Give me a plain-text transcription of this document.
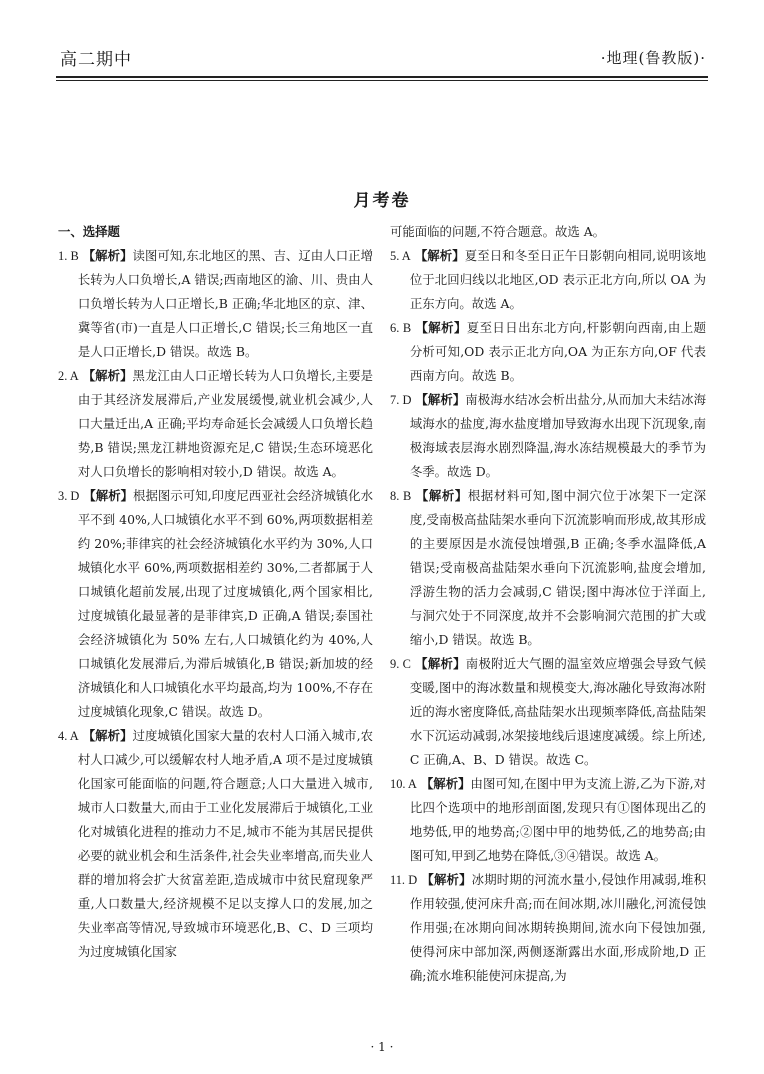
高二期中	·地理(鲁教版)·
月考卷
一、选择题
1. B 【解析】读图可知,东北地区的黑、吉、辽由人口正增长转为人口负增长,A 错误;西南地区的渝、川、贵由人口负增长转为人口正增长,B 正确;华北地区的京、津、冀等省(市)一直是人口正增长,C 错误;长三角地区一直是人口正增长,D 错误。故选 B。
2. A 【解析】黑龙江由人口正增长转为人口负增长,主要是由于其经济发展滞后,产业发展缓慢,就业机会减少,人口大量迁出,A 正确;平均寿命延长会减缓人口负增长趋势,B 错误;黑龙江耕地资源充足,C 错误;生态环境恶化对人口负增长的影响相对较小,D 错误。故选 A。
3. D 【解析】根据图示可知,印度尼西亚社会经济城镇化水平不到 40%,人口城镇化水平不到 60%,两项数据相差约 20%;菲律宾的社会经济城镇化水平约为 30%,人口城镇化水平 60%,两项数据相差约 30%,二者都属于人口城镇化超前发展,出现了过度城镇化,两个国家相比,过度城镇化最显著的是菲律宾,D 正确,A 错误;泰国社会经济城镇化为 50% 左右,人口城镇化约为 40%,人口城镇化发展滞后,为滞后城镇化,B 错误;新加坡的经济城镇化和人口城镇化水平均最高,均为 100%,不存在过度城镇化现象,C 错误。故选 D。
4. A 【解析】过度城镇化国家大量的农村人口涌入城市,农村人口减少,可以缓解农村人地矛盾,A 项不是过度城镇化国家可能面临的问题,符合题意;人口大量进入城市,城市人口数量大,而由于工业化发展滞后于城镇化,工业化对城镇化进程的推动力不足,城市不能为其居民提供必要的就业机会和生活条件,社会失业率增高,而失业人群的增加将会扩大贫富差距,造成城市中贫民窟现象严重,人口数量大,经济规模不足以支撑人口的发展,加之失业率高等情况,导致城市环境恶化,B、C、D 三项均为过度城镇化国家
可能面临的问题,不符合题意。故选 A。
5. A 【解析】夏至日和冬至日正午日影朝向相同,说明该地位于北回归线以北地区,OD 表示正北方向,所以 OA 为正东方向。故选 A。
6. B 【解析】夏至日日出东北方向,杆影朝向西南,由上题分析可知,OD 表示正北方向,OA 为正东方向,OF 代表西南方向。故选 B。
7. D 【解析】南极海水结冰会析出盐分,从而加大未结冰海域海水的盐度,海水盐度增加导致海水出现下沉现象,南极海域表层海水剧烈降温,海水冻结规模最大的季节为冬季。故选 D。
8. B 【解析】根据材料可知,图中洞穴位于冰架下一定深度,受南极高盐陆架水垂向下沉流影响而形成,故其形成的主要原因是水流侵蚀增强,B 正确;冬季水温降低,A 错误;受南极高盐陆架水垂向下沉流影响,盐度会增加,浮游生物的活力会减弱,C 错误;图中海冰位于洋面上,与洞穴处于不同深度,故并不会影响洞穴范围的扩大或缩小,D 错误。故选 B。
9. C 【解析】南极附近大气圈的温室效应增强会导致气候变暖,图中的海冰数量和规模变大,海冰融化导致海冰附近的海水密度降低,高盐陆架水出现频率降低,高盐陆架水下沉运动减弱,冰架接地线后退速度减缓。综上所述,C 正确,A、B、D 错误。故选 C。
10. A 【解析】由图可知,在图中甲为支流上游,乙为下游,对比四个选项中的地形剖面图,发现只有①图体现出乙的地势低,甲的地势高;②图中甲的地势低,乙的地势高;由图可知,甲到乙地势在降低,③④错误。故选 A。
11. D 【解析】冰期时期的河流水量小,侵蚀作用减弱,堆积作用较强,使河床升高;而在间冰期,冰川融化,河流侵蚀作用强;在冰期向间冰期转换期间,流水向下侵蚀加强,使得河床中部加深,两侧逐渐露出水面,形成阶地,D 正确;流水堆积能使河床提高,为
· 1 ·
